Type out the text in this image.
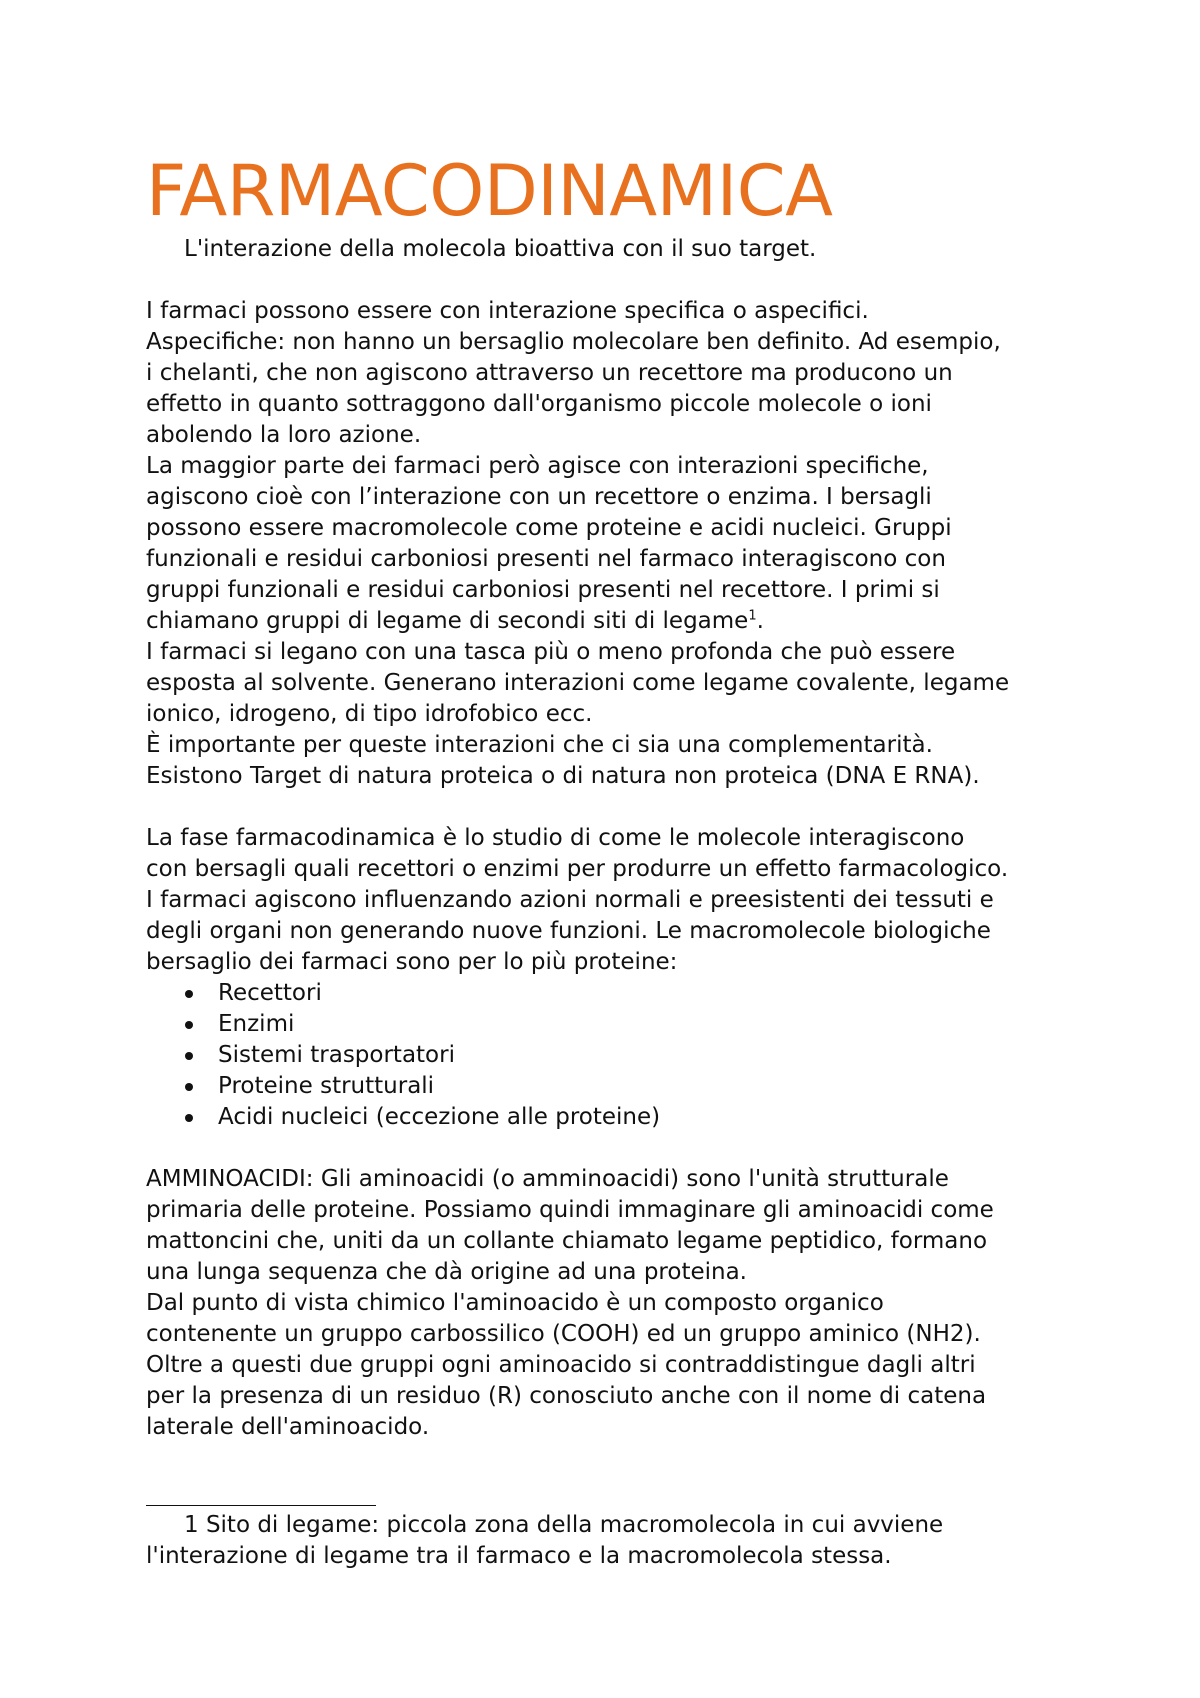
FARMACODINAMICA

L'interazione della molecola bioattiva con il suo target.

I farmaci possono essere con interazione specifica o aspecifici.
Aspecifiche: non hanno un bersaglio molecolare ben definito. Ad esempio,
i chelanti, che non agiscono attraverso un recettore ma producono un
effetto in quanto sottraggono dall'organismo piccole molecole o ioni
abolendo la loro azione.
La maggior parte dei farmaci però agisce con interazioni specifiche,
agiscono cioè con l’interazione con un recettore o enzima. I bersagli
possono essere macromolecole come proteine e acidi nucleici. Gruppi
funzionali e residui carboniosi presenti nel farmaco interagiscono con
gruppi funzionali e residui carboniosi presenti nel recettore. I primi si
chiamano gruppi di legame di secondi siti di legame$^1$.
I farmaci si legano con una tasca più o meno profonda che può essere
esposta al solvente. Generano interazioni come legame covalente, legame
ionico, idrogeno, di tipo idrofobico ecc.
È importante per queste interazioni che ci sia una complementarità.
Esistono Target di natura proteica o di natura non proteica (DNA E RNA).
La fase farmacodinamica è lo studio di come le molecole interagiscono
con bersagli quali recettori o enzimi per produrre un effetto farmacologico.
I farmaci agiscono influenzando azioni normali e preesistenti dei tessuti e
degli organi non generando nuove funzioni. Le macromolecole biologiche
bersaglio dei farmaci sono per lo più proteine:
Recettori
Enzimi
Sistemi trasportatori
Proteine strutturali
Acidi nucleici (eccezione alle proteine)
AMMINOACIDI: Gli aminoacidi (o amminoacidi) sono l'unità strutturale
primaria delle proteine. Possiamo quindi immaginare gli aminoacidi come
mattoncini che, uniti da un collante chiamato legame peptidico, formano
una lunga sequenza che dà origine ad una proteina.
Dal punto di vista chimico l'aminoacido è un composto organico
contenente un gruppo carbossilico (COOH) ed un gruppo aminico (NH2).
Oltre a questi due gruppi ogni aminoacido si contraddistingue dagli altri
per la presenza di un residuo (R) conosciuto anche con il nome di catena
laterale dell'aminoacido.
1 Sito di legame: piccola zona della macromolecola in cui avviene
l'interazione di legame tra il farmaco e la macromolecola stessa.
